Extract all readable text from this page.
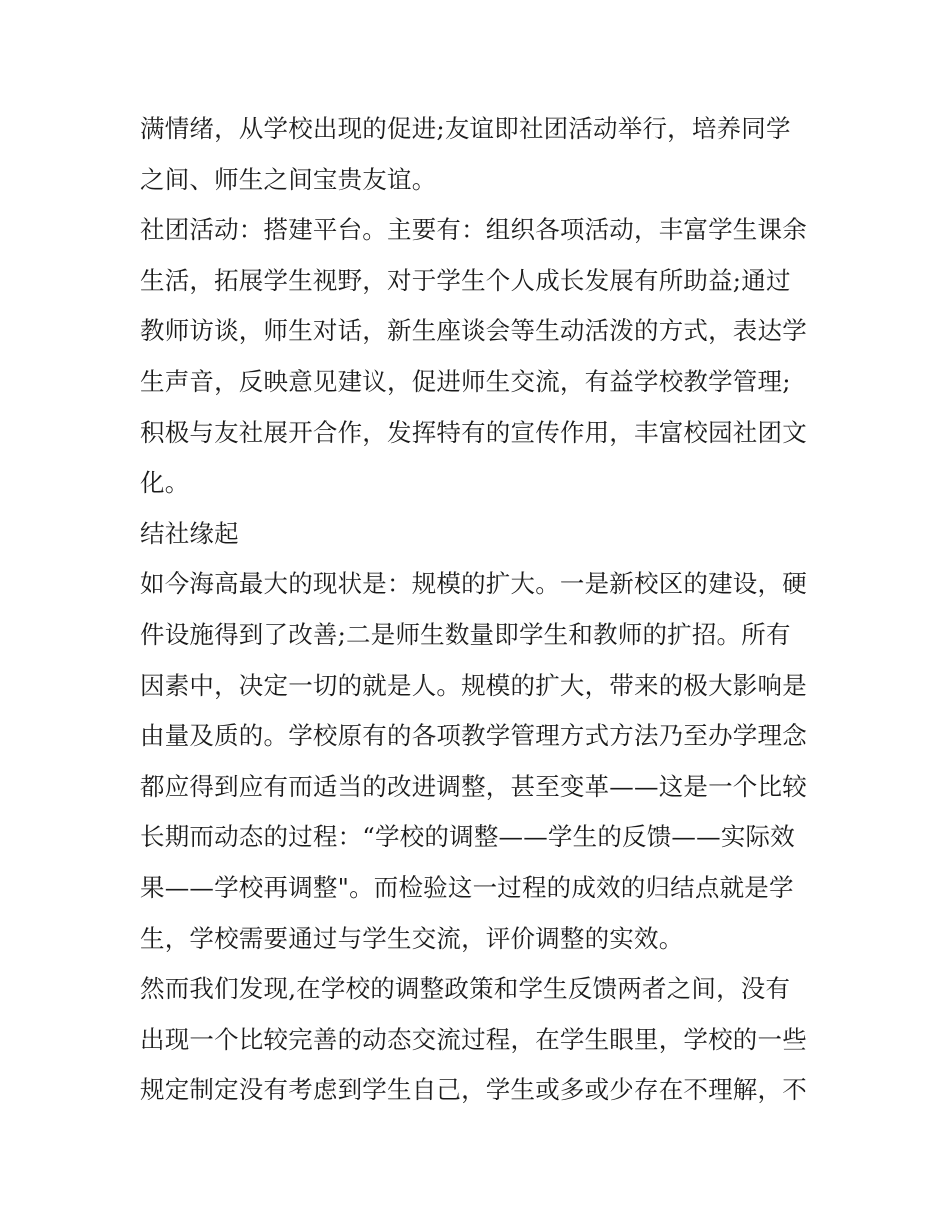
满情绪，从学校出现的促进;友谊即社团活动举行，培养同学
之间、师生之间宝贵友谊。
社团活动：搭建平台。主要有：组织各项活动，丰富学生课余
生活，拓展学生视野，对于学生个人成长发展有所助益;通过
教师访谈，师生对话，新生座谈会等生动活泼的方式，表达学
生声音，反映意见建议，促进师生交流，有益学校教学管理;
积极与友社展开合作，发挥特有的宣传作用，丰富校园社团文
化。
结社缘起
如今海高最大的现状是：规模的扩大。一是新校区的建设，硬
件设施得到了改善;二是师生数量即学生和教师的扩招。所有
因素中，决定一切的就是人。规模的扩大，带来的极大影响是
由量及质的。学校原有的各项教学管理方式方法乃至办学理念
都应得到应有而适当的改进调整，甚至变革——这是一个比较
长期而动态的过程：“学校的调整——学生的反馈——实际效
果——学校再调整"。而检验这一过程的成效的归结点就是学
生，学校需要通过与学生交流，评价调整的实效。
然而我们发现,在学校的调整政策和学生反馈两者之间，没有
出现一个比较完善的动态交流过程，在学生眼里，学校的一些
规定制定没有考虑到学生自己，学生或多或少存在不理解，不
